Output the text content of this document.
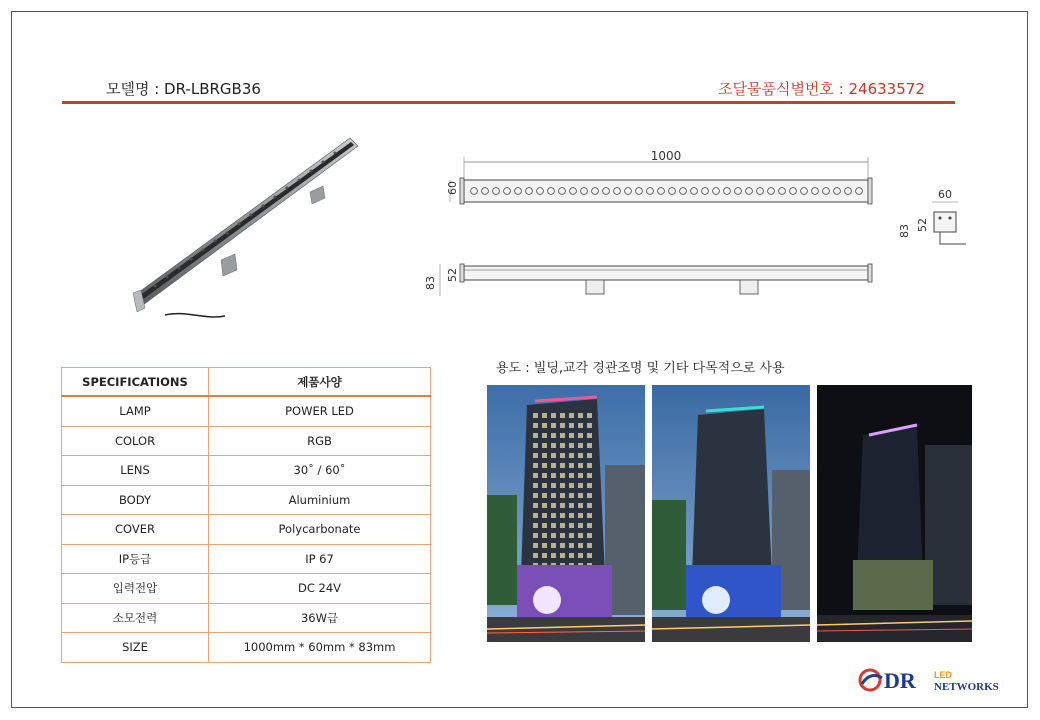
모델명 : DR-LBRGB36	조달물품식별번호 : 24633572
1000
60
83
52
60
52
83
용도 : 빌딩,교각 경관조명 및 기타 다목적으로 사용
SPECIFICATIONS	제품사양
LAMP	POWER LED
COLOR	RGB
LENS	30˚ / 60˚
BODY	Aluminium
COVER	Polycarbonate
IP등급	IP 67
입력전압	DC 24V
소모전력	36W급
SIZE	1000mm * 60mm * 83mm
DR LED
NETWORKS
